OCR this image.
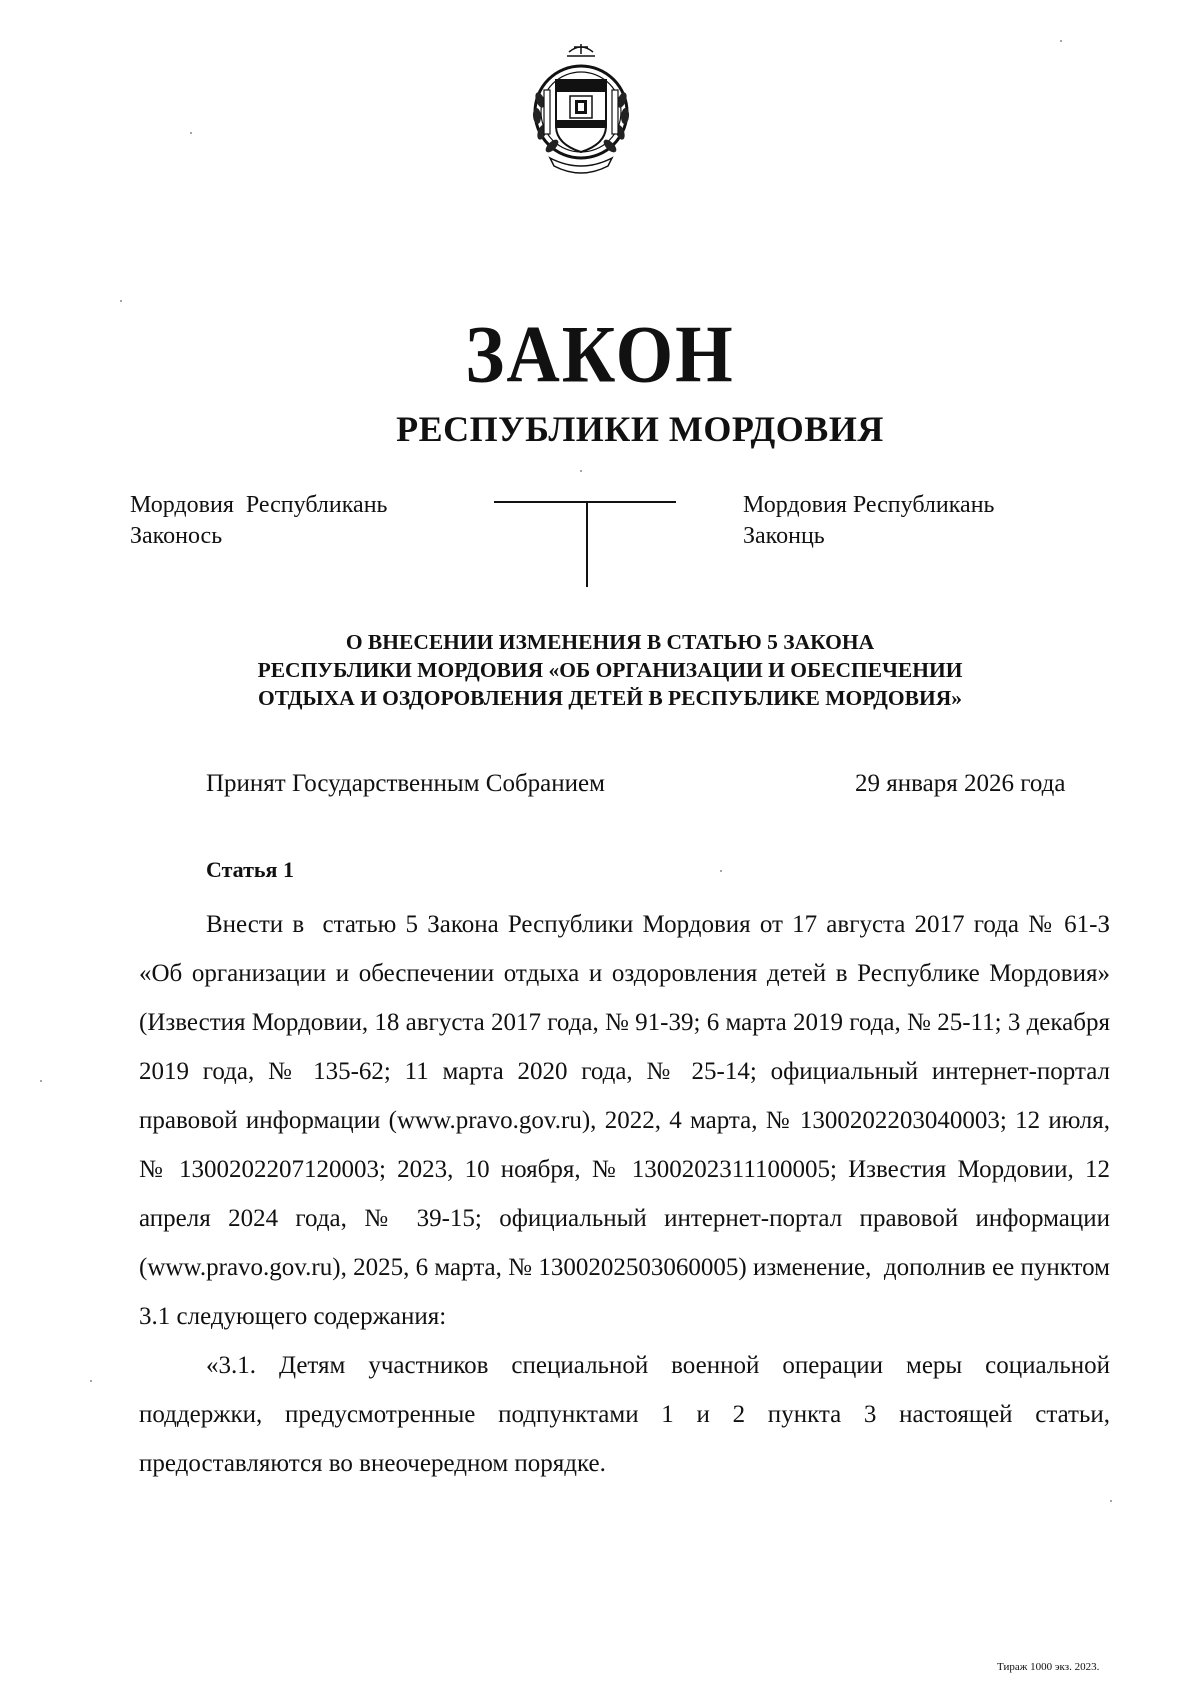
ЗАКОН
РЕСПУБЛИКИ МОРДОВИЯ
Мордовия  Республикань
Законось
Мордовия Республикань
Законць
О ВНЕСЕНИИ ИЗМЕНЕНИЯ В СТАТЬЮ 5 ЗАКОНА
РЕСПУБЛИКИ МОРДОВИЯ «ОБ ОРГАНИЗАЦИИ И ОБЕСПЕЧЕНИИ
ОТДЫХА И ОЗДОРОВЛЕНИЯ ДЕТЕЙ В РЕСПУБЛИКЕ МОРДОВИЯ»
Принят Государственным Собранием	29 января 2026 года
Статья 1

Внести в  статью 5 Закона Республики Мордовия от 17 августа 2017 года № 61-З «Об организации и обеспечении отдыха и оздоровления детей в Республике Мордовия» (Известия Мордовии, 18 августа 2017 года, № 91-39; 6 марта 2019 года, № 25-11; 3 декабря 2019 года, № 135-62; 11 марта 2020 года, № 25-14; официальный интернет-портал правовой информации (www.pravo.gov.ru), 2022, 4 марта, № 1300202203040003; 12 июля, № 1300202207120003; 2023, 10 ноября, № 1300202311100005; Известия Мордовии, 12 апреля 2024 года, № 39-15; официальный интернет-портал правовой информации (www.pravo.gov.ru), 2025, 6 марта, № 1300202503060005) изменение,  дополнив ее пунктом 3.1 следующего содержания:

«3.1. Детям участников специальной военной операции меры социальной поддержки, предусмотренные подпунктами 1 и 2 пункта 3 настоящей статьи, предоставляются во внеочередном порядке.

Тираж 1000 экз. 2023.
